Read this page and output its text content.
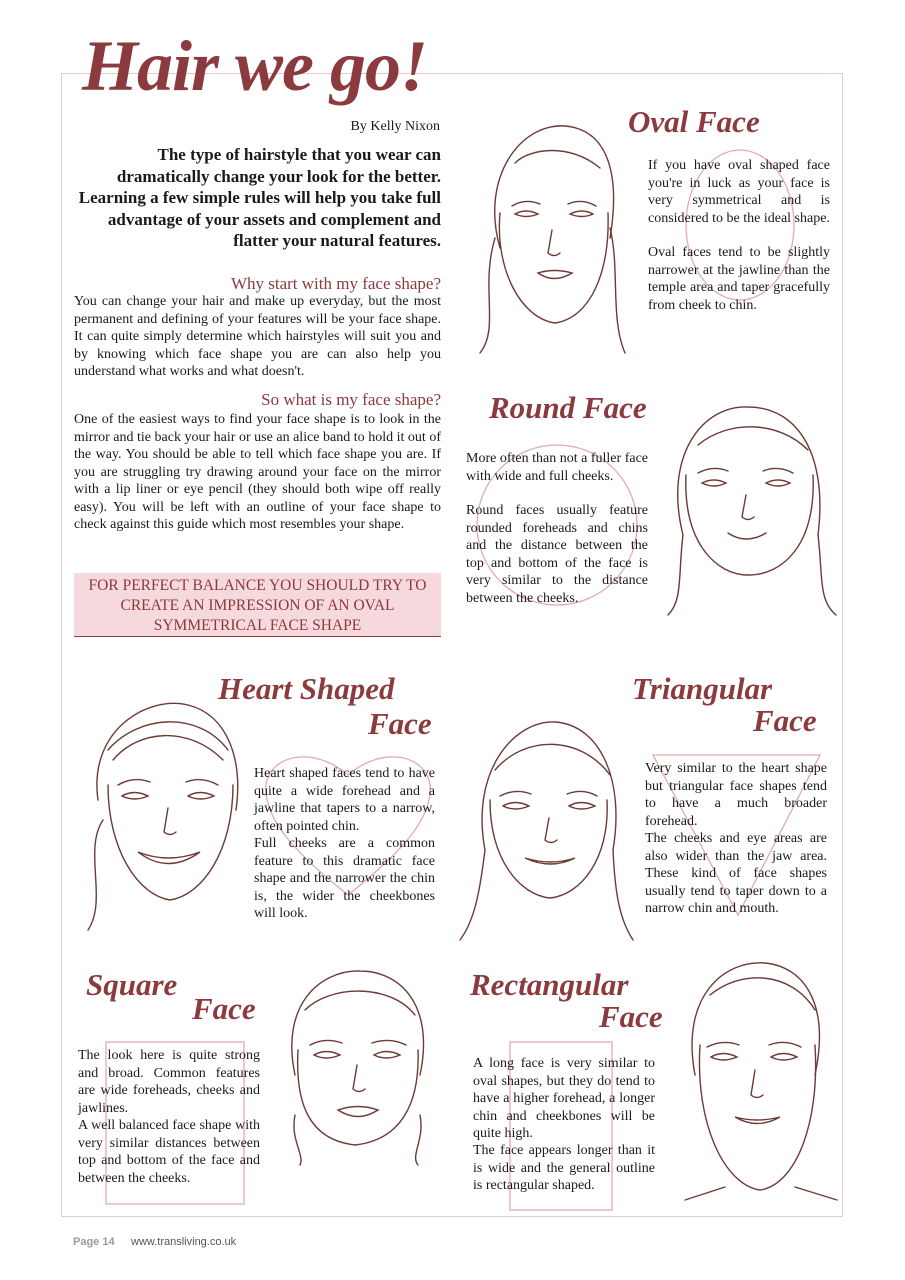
Hair we go!
By Kelly Nixon
The type of hairstyle that you wear can dramatically change your look for the better. Learning a few simple rules will help you take full advantage of your assets and complement and flatter your natural features.
Why start with my face shape?
You can change your hair and make up everyday, but the most permanent and defining of your features will be your face shape. It can quite simply determine which hairstyles will suit you and by knowing which face shape you are can also help you understand what works and what doesn't.
So what is my face shape?
One of the easiest ways to find your face shape is to look in the mirror and tie back your hair or use an alice band to hold it out of the way. You should be able to tell which face shape you are. If you are struggling try drawing around your face on the mirror with a lip liner or eye pencil (they should both wipe off really easy). You will be left with an outline of your face shape to check against this guide which most resembles your shape.
FOR PERFECT BALANCE YOU SHOULD TRY TO CREATE AN IMPRESSION OF AN OVAL SYMMETRICAL FACE SHAPE
Oval Face
If you have oval shaped face you're in luck as your face is very symmetrical and is considered to be the ideal shape.
Oval faces tend to be slightly narrower at the jawline than the temple area and taper gracefully from cheek to chin.
Round Face
More often than not a fuller face with wide and full cheeks.
Round faces usually feature rounded foreheads and chins and the distance between the top and bottom of the face is very similar to the distance between the cheeks.
Heart Shaped
Face
Heart shaped faces tend to have quite a wide forehead and a jawline that tapers to a narrow, often pointed chin.
Full cheeks are a common feature to this dramatic face shape and the narrower the chin is, the wider the cheekbones will look.
Triangular
Face
Very similar to the heart shape but triangular face shapes tend to have a much broader forehead.
The cheeks and eye areas are also wider than the jaw area. These kind of face shapes usually tend to taper down to a narrow chin and mouth.
Square
Face
The look here is quite strong and broad. Common features are wide foreheads, cheeks and jawlines.
A well balanced face shape with very similar distances between top and bottom of the face and between the cheeks.
Rectangular
Face
A long face is very similar to oval shapes, but they do tend to have a higher forehead, a longer chin and cheekbones will be quite high.
The face appears longer than it is wide and the general outline is rectangular shaped.
Page 14 www.transliving.co.uk
